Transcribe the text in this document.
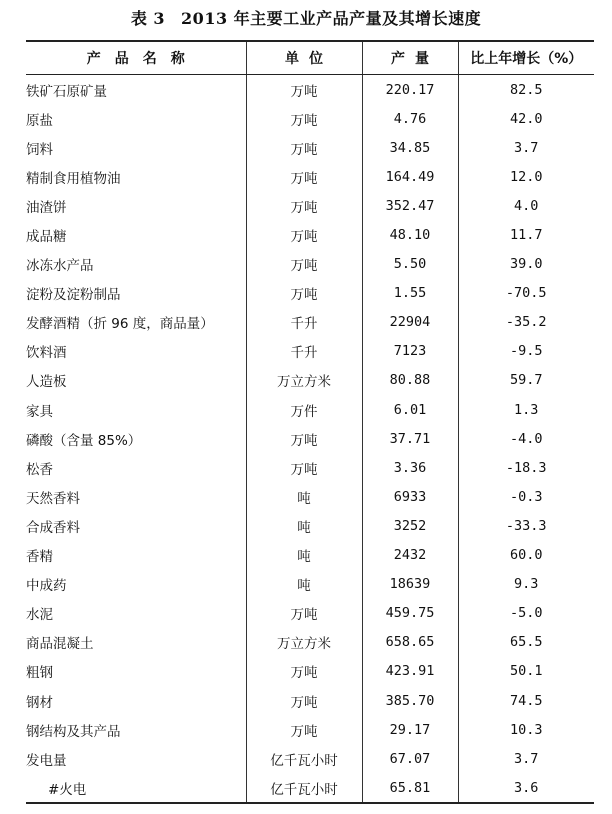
表 3 2013 年主要工业产品产量及其增长速度
产品名称	单位	产量	比上年增长（%）
铁矿石原矿量	万吨	220.17	82.5
原盐	万吨	4.76	42.0
饲料	万吨	34.85	3.7
精制食用植物油	万吨	164.49	12.0
油渣饼	万吨	352.47	4.0
成品糖	万吨	48.10	11.7
冰冻水产品	万吨	5.50	39.0
淀粉及淀粉制品	万吨	1.55	-70.5
发酵酒精（折 96 度，商品量）	千升	22904	-35.2
饮料酒	千升	7123	-9.5
人造板	万立方米	80.88	59.7
家具	万件	6.01	1.3
磷酸（含量 85%）	万吨	37.71	-4.0
松香	万吨	3.36	-18.3
天然香料	吨	6933	-0.3
合成香料	吨	3252	-33.3
香精	吨	2432	60.0
中成药	吨	18639	9.3
水泥	万吨	459.75	-5.0
商品混凝土	万立方米	658.65	65.5
粗钢	万吨	423.91	50.1
钢材	万吨	385.70	74.5
钢结构及其产品	万吨	29.17	10.3
发电量	亿千瓦小时	67.07	3.7
#火电	亿千瓦小时	65.81	3.6
